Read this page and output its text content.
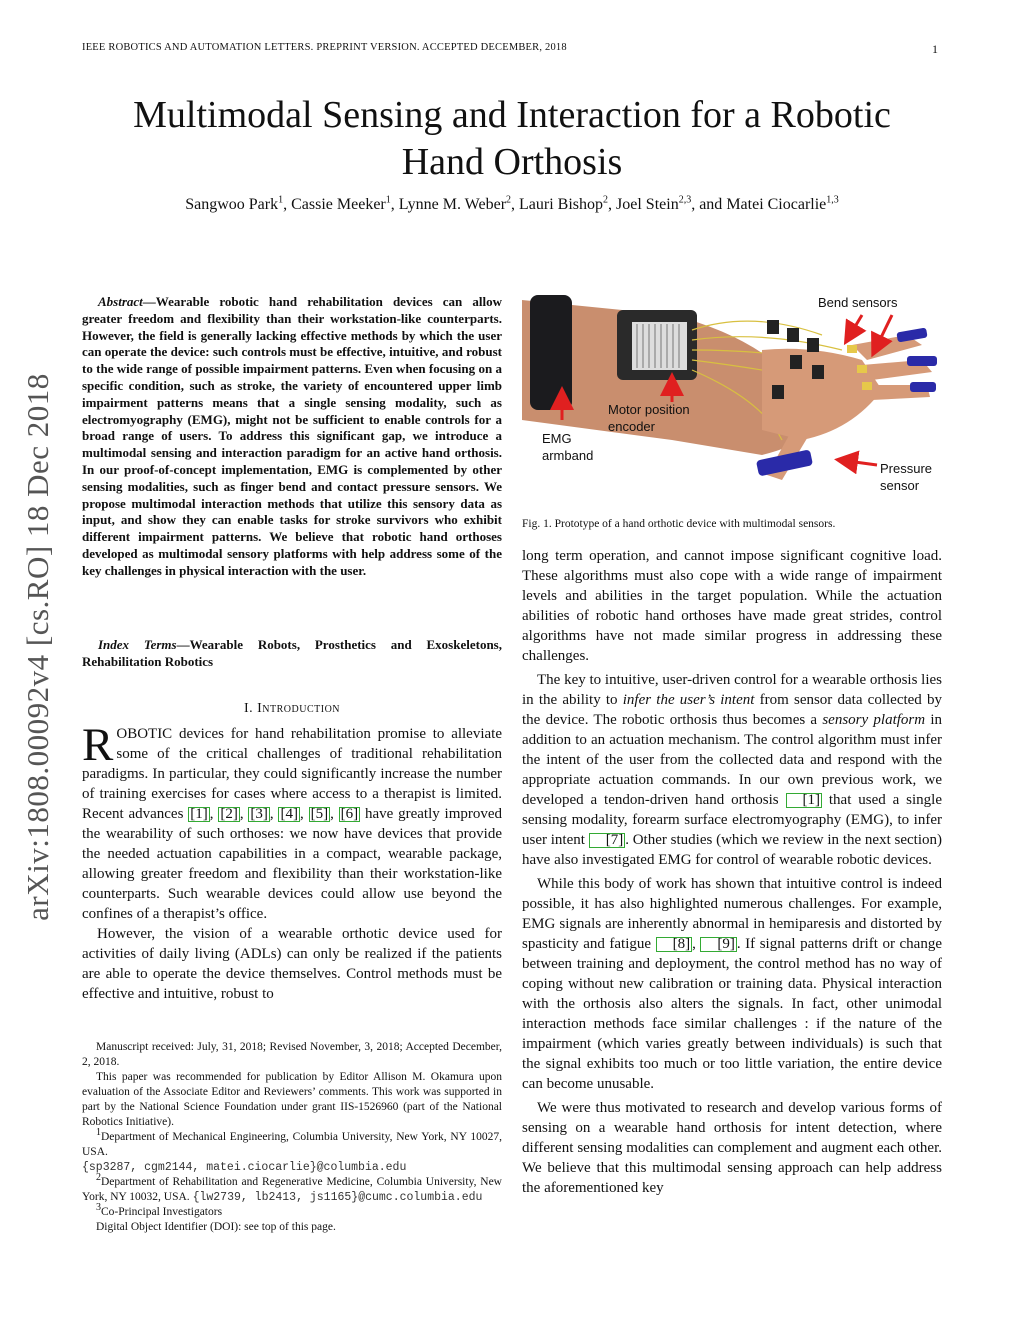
IEEE ROBOTICS AND AUTOMATION LETTERS. PREPRINT VERSION. ACCEPTED DECEMBER, 2018	1
arXiv:1808.00092v4 [cs.RO] 18 Dec 2018
Multimodal Sensing and Interaction for a Robotic
Hand Orthosis
Sangwoo Park$^1$, Cassie Meeker$^1$, Lynne M. Weber$^2$, Lauri Bishop$^2$, Joel Stein$^{2,3}$, and Matei Ciocarlie$^{1,3}$
Abstract—Wearable robotic hand rehabilitation devices can allow greater freedom and flexibility than their workstation-like counterparts. However, the field is generally lacking effective methods by which the user can operate the device: such controls must be effective, intuitive, and robust to the wide range of possible impairment patterns. Even when focusing on a specific condition, such as stroke, the variety of encountered upper limb impairment patterns means that a single sensing modality, such as electromyography (EMG), might not be sufficient to enable controls for a broad range of users. To address this significant gap, we introduce a multimodal sensing and interaction paradigm for an active hand orthosis. In our proof-of-concept implementation, EMG is complemented by other sensing modalities, such as finger bend and contact pressure sensors. We propose multimodal interaction methods that utilize this sensory data as input, and show they can enable tasks for stroke survivors who exhibit different impairment patterns. We believe that robotic hand orthoses developed as multimodal sensory platforms with help address some of the key challenges in physical interaction with the user.
Index Terms—Wearable Robots, Prosthetics and Exoskeletons, Rehabilitation Robotics
I. Introduction

ROBOTIC devices for hand rehabilitation promise to alleviate some of the critical challenges of traditional rehabilitation paradigms. In particular, they could significantly increase the number of training exercises for cases where access to a therapist is limited. Recent advances [1] , [2] , [3] , [4] , [5] , [6] have greatly improved the wearability of such orthoses: we now have devices that provide the needed actuation capabilities in a compact, wearable package, allowing greater freedom and flexibility than their workstation-like counterparts. Such wearable devices could allow use beyond the confines of a therapist’s office.

However, the vision of a wearable orthotic device used for activities of daily living (ADLs) can only be realized if the patients are able to operate the device themselves. Control methods must be effective and intuitive, robust to

Manuscript received: July, 31, 2018; Revised November, 3, 2018; Accepted December, 2, 2018.

This paper was recommended for publication by Editor Allison M. Okamura upon evaluation of the Associate Editor and Reviewers’ comments. This work was supported in part by the National Science Foundation under grant IIS-1526960 (part of the National Robotics Initiative).

$^1$Department of Mechanical Engineering, Columbia University, New York, NY 10027, USA.

{sp3287, cgm2144, matei.ciocarlie}@columbia.edu

$^2$Department of Rehabilitation and Regenerative Medicine, Columbia University, New York, NY 10032, USA. {lw2739, lb2413, js1165}@cumc.columbia.edu

$^3$Co-Principal Investigators

Digital Object Identifier (DOI): see top of this page.

Bend sensors
Motor position
encoder
EMG
armband
Pressure
sensor
Fig. 1. Prototype of a hand orthotic device with multimodal sensors.

long term operation, and cannot impose significant cognitive load. These algorithms must also cope with a wide range of impairment levels and abilities in the target population. While the actuation abilities of robotic hand orthoses have made great strides, control algorithms have not made similar progress in addressing these challenges.

The key to intuitive, user-driven control for a wearable orthosis lies in the ability to infer the user’s intent from sensor data collected by the device. The robotic orthosis thus becomes a sensory platform in addition to an actuation mechanism. The control algorithm must infer the intent of the user from the collected data and respond with the appropriate actuation commands. In our own previous work, we developed a tendon-driven hand orthosis [1] that used a single sensing modality, forearm surface electromyography (EMG), to infer user intent [7] . Other studies (which we review in the next section) have also investigated EMG for control of wearable robotic devices.

While this body of work has shown that intuitive control is indeed possible, it has also highlighted numerous challenges. For example, EMG signals are inherently abnormal in hemiparesis and distorted by spasticity and fatigue [8] , [9] . If signal patterns drift or change between training and deployment, the control method has no way of coping without new calibration or training data. Physical interaction with the orthosis also alters the signals. In fact, other unimodal interaction methods face similar challenges : if the nature of the impairment (which varies greatly between individuals) is such that the signal exhibits too much or too little variation, the entire device can become unusable.

We were thus motivated to research and develop various forms of sensing on a wearable hand orthosis for intent detection, where different sensing modalities can complement and augment each other. We believe that this multimodal sensing approach can help address the aforementioned key
